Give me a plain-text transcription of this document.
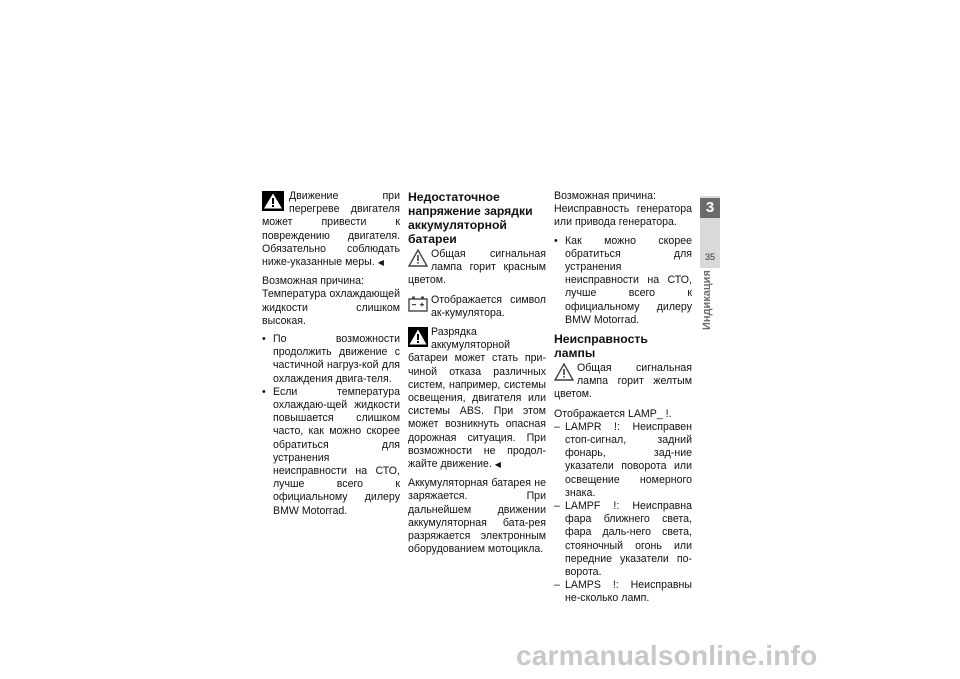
Движение при перегреве двигателя может привести к повреждению двигателя. Обязательно соблюдать ниже-указанные меры. ◀

Возможная причина:

Температура охлаждающей жидкости слишком высокая.

• По возможности продолжить движение с частичной нагруз-кой для охлаждения двига-теля.
• Если температура охлаждаю-щей жидкости повышается слишком часто, как можно скорее обратиться для устранения неисправности на СТО, лучше всего к официальному дилеру BMW Motorrad.
Недостаточное напряжение зарядки аккумуляторной батареи
Общая сигнальная лампа горит красным цветом.
Отображается символ ак-кумулятора.
Разрядка аккумуляторной батареи может стать при-чиной отказа различных систем, например, системы освещения, двигателя или системы ABS. При этом может возникнуть опасная дорожная ситуация. При возможности не продол-жайте движение. ◀

Аккумуляторная батарея не заряжается. При дальнейшем движении аккумуляторная бата-рея разряжается электронным оборудованием мотоцикла.

Возможная причина:

Неисправность генератора или привода генератора.

• Как можно скорее обратиться для устранения неисправности на СТО, лучше всего к официальному дилеру BMW Motorrad.
Неисправность лампы
Общая сигнальная лампа горит желтым цветом.

Отображается LAMP_ !.

– LAMPR !: Неисправен стоп-сигнал, задний фонарь, зад-ние указатели поворота или освещение номерного знака.
– LAMPF !: Неисправна фара ближнего света, фара даль-него света, стояночный огонь или передние указатели по-ворота.
– LAMPS !: Неисправны не-сколько ламп.
3
35
Индикация
carmanualsonline.info
